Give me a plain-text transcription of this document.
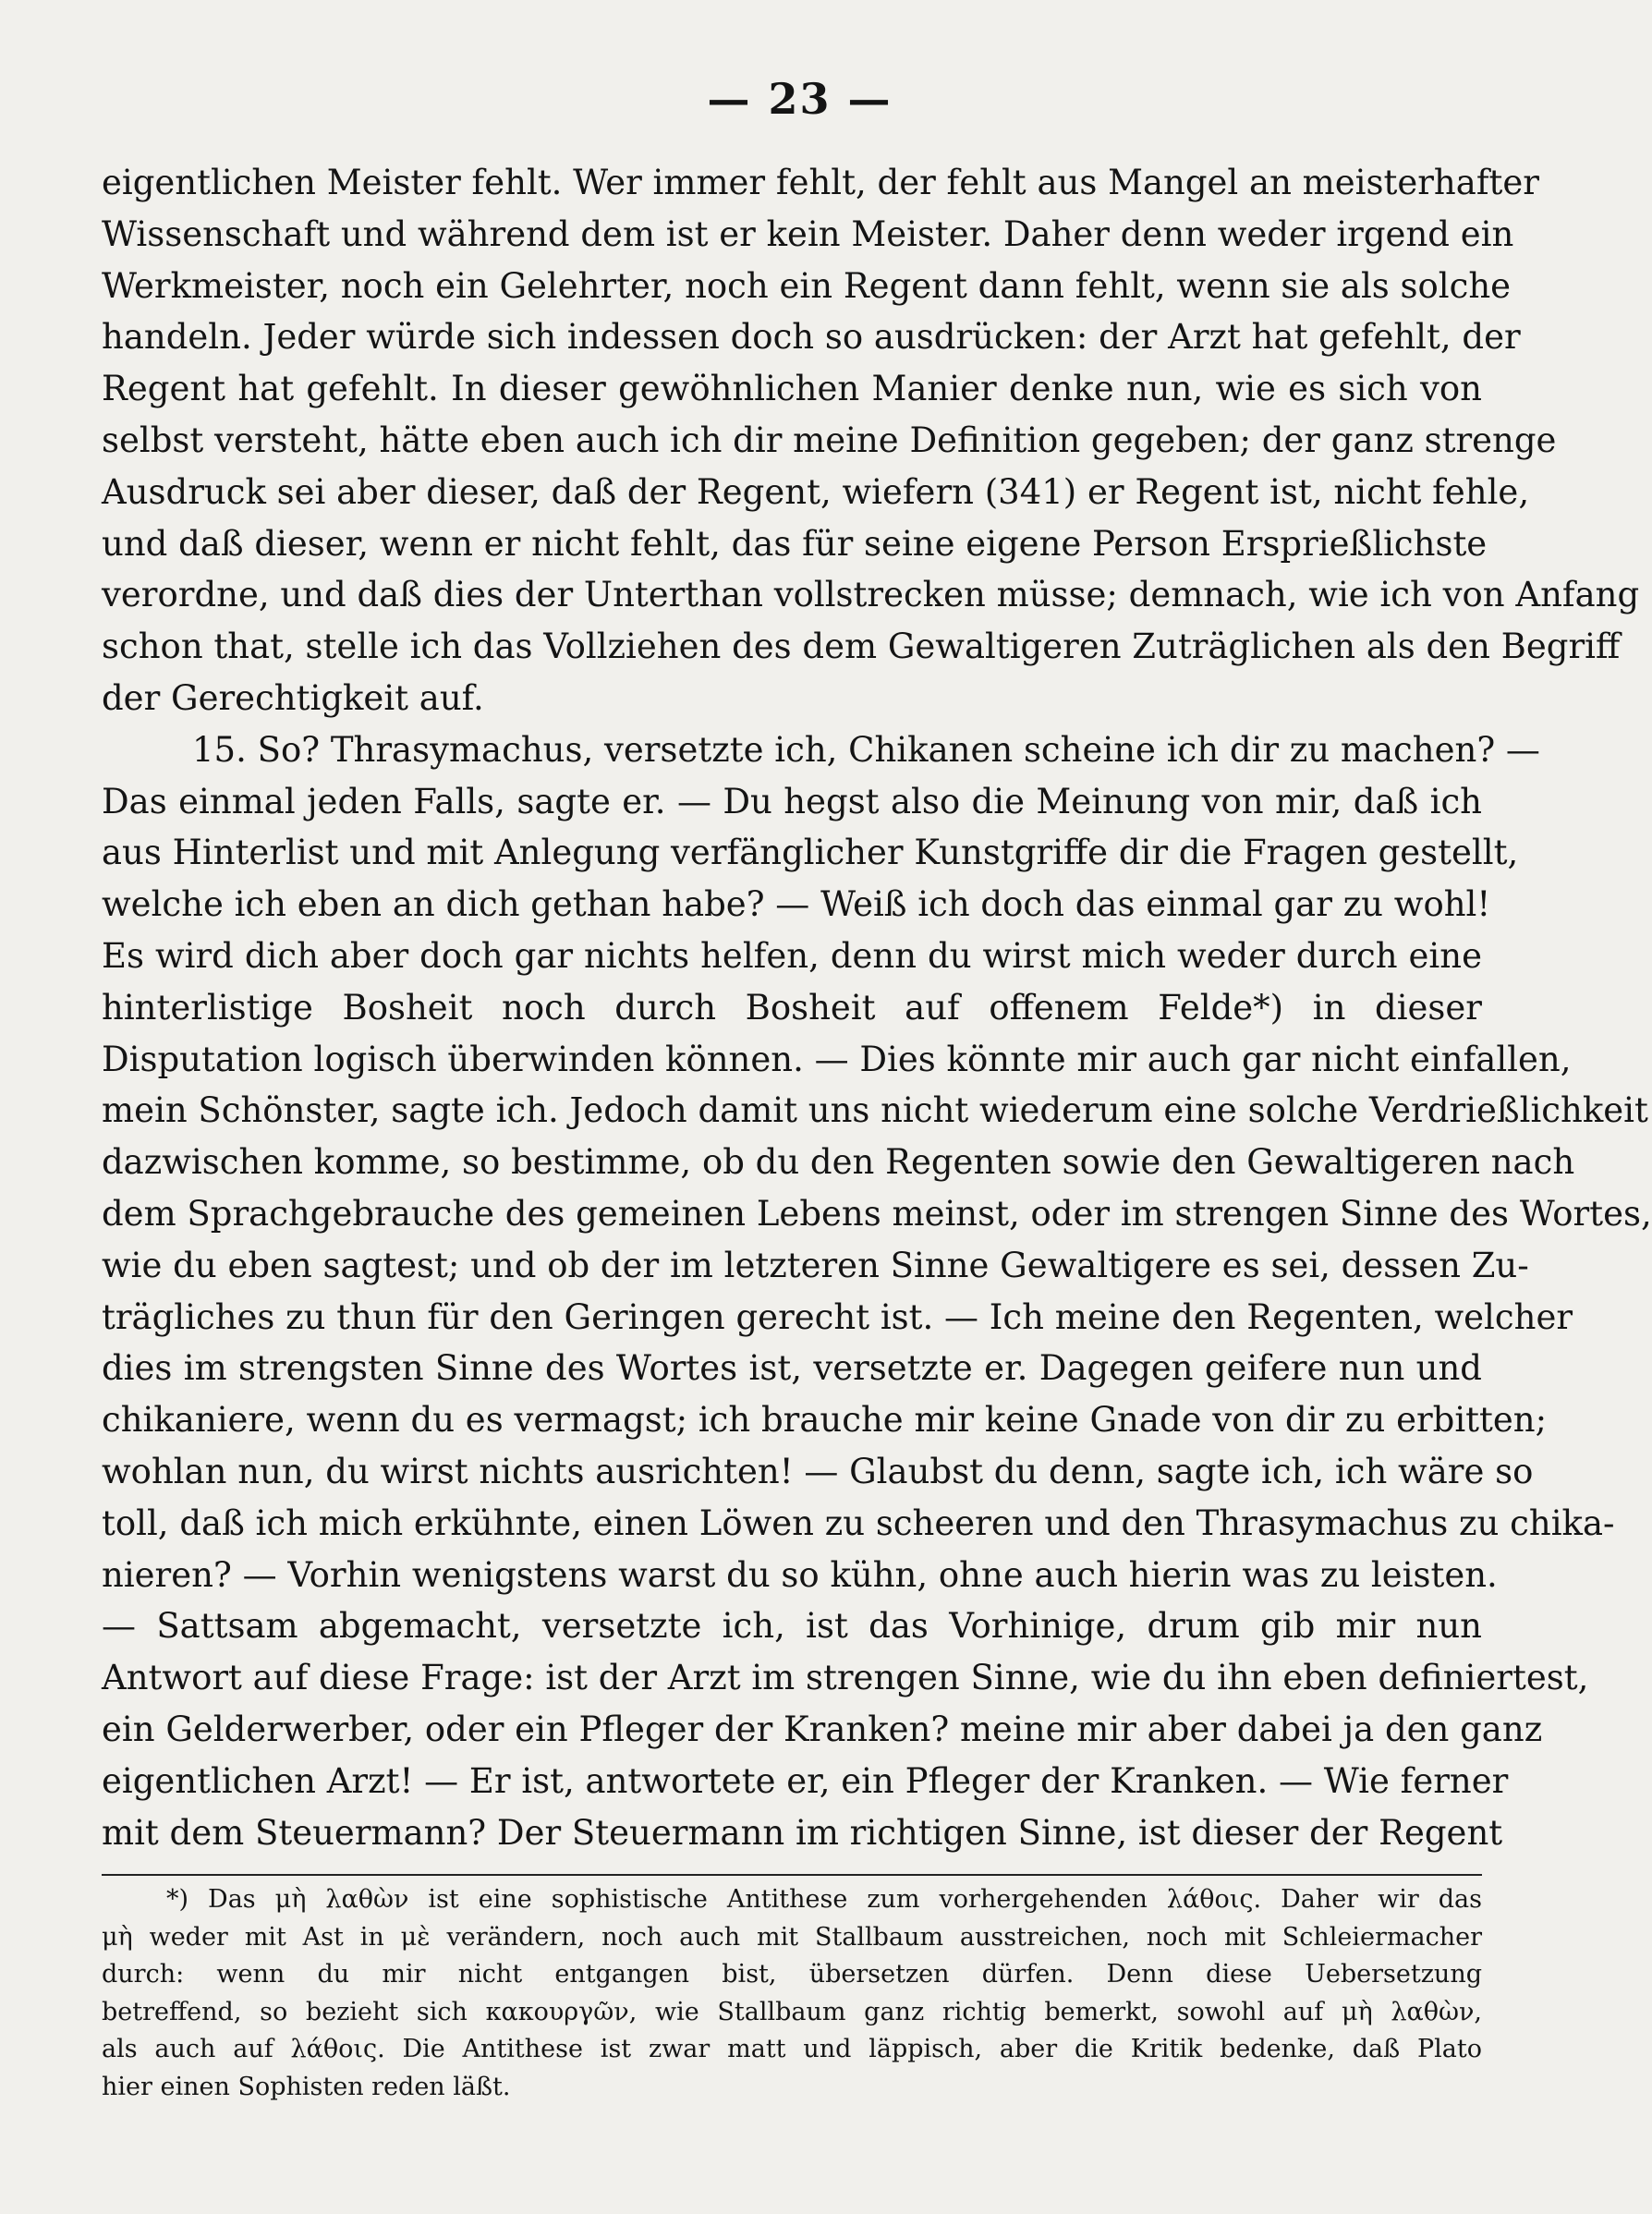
— 23 —
eigentlichen Meister fehlt. Wer immer fehlt, der fehlt aus Mangel an meisterhafter
Wissenschaft und während dem ist er kein Meister. Daher denn weder irgend ein
Werkmeister, noch ein Gelehrter, noch ein Regent dann fehlt, wenn sie als solche
handeln. Jeder würde sich indessen doch so ausdrücken: der Arzt hat gefehlt, der
Regent hat gefehlt. In dieser gewöhnlichen Manier denke nun, wie es sich von
selbst versteht, hätte eben auch ich dir meine Definition gegeben; der ganz strenge
Ausdruck sei aber dieser, daß der Regent, wiefern (341) er Regent ist, nicht fehle,
und daß dieser, wenn er nicht fehlt, das für seine eigene Person Ersprießlichste
verordne, und daß dies der Unterthan vollstrecken müsse; demnach, wie ich von Anfang
schon that, stelle ich das Vollziehen des dem Gewaltigeren Zuträglichen als den Begriff
der Gerechtigkeit auf.
15. So? Thrasymachus, versetzte ich, Chikanen scheine ich dir zu machen? —
Das einmal jeden Falls, sagte er. — Du hegst also die Meinung von mir, daß ich
aus Hinterlist und mit Anlegung verfänglicher Kunstgriffe dir die Fragen gestellt,
welche ich eben an dich gethan habe? — Weiß ich doch das einmal gar zu wohl!
Es wird dich aber doch gar nichts helfen, denn du wirst mich weder durch eine
hinterlistige Bosheit noch durch Bosheit auf offenem Felde*) in dieser
Disputation logisch überwinden können. — Dies könnte mir auch gar nicht einfallen,
mein Schönster, sagte ich. Jedoch damit uns nicht wiederum eine solche Verdrießlichkeit
dazwischen komme, so bestimme, ob du den Regenten sowie den Gewaltigeren nach
dem Sprachgebrauche des gemeinen Lebens meinst, oder im strengen Sinne des Wortes,
wie du eben sagtest; und ob der im letzteren Sinne Gewaltigere es sei, dessen Zu-
trägliches zu thun für den Geringen gerecht ist. — Ich meine den Regenten, welcher
dies im strengsten Sinne des Wortes ist, versetzte er. Dagegen geifere nun und
chikaniere, wenn du es vermagst; ich brauche mir keine Gnade von dir zu erbitten;
wohlan nun, du wirst nichts ausrichten! — Glaubst du denn, sagte ich, ich wäre so
toll, daß ich mich erkühnte, einen Löwen zu scheeren und den Thrasymachus zu chika-
nieren? — Vorhin wenigstens warst du so kühn, ohne auch hierin was zu leisten.
— Sattsam abgemacht, versetzte ich, ist das Vorhinige, drum gib mir nun
Antwort auf diese Frage: ist der Arzt im strengen Sinne, wie du ihn eben definiertest,
ein Gelderwerber, oder ein Pfleger der Kranken? meine mir aber dabei ja den ganz
eigentlichen Arzt! — Er ist, antwortete er, ein Pfleger der Kranken. — Wie ferner
mit dem Steuermann? Der Steuermann im richtigen Sinne, ist dieser der Regent
*) Das μὴ λαθὼν ist eine sophistische Antithese zum vorhergehenden λάθοις. Daher wir das
μὴ weder mit Ast in μὲ verändern, noch auch mit Stallbaum ausstreichen, noch mit Schleiermacher
durch: wenn du mir nicht entgangen bist, übersetzen dürfen. Denn diese Uebersetzung
betreffend, so bezieht sich κακουργῶν, wie Stallbaum ganz richtig bemerkt, sowohl auf μὴ λαθὼν,
als auch auf λάθοις. Die Antithese ist zwar matt und läppisch, aber die Kritik bedenke, daß Plato
hier einen Sophisten reden läßt.
